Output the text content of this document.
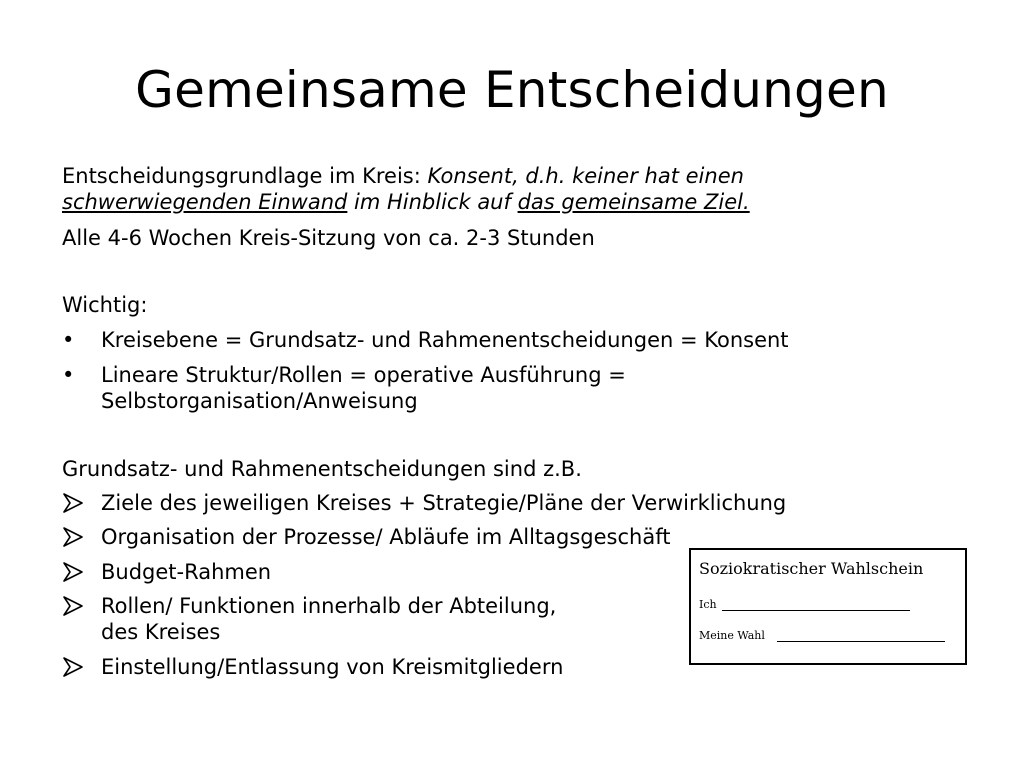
Gemeinsame Entscheidungen
Entscheidungsgrundlage im Kreis: Konsent, d.h. keiner hat einen
schwerwiegenden Einwand im Hinblick auf das gemeinsame Ziel.
Alle 4-6 Wochen Kreis-Sitzung von ca. 2-3 Stunden
Wichtig:
• Kreisebene = Grundsatz- und Rahmenentscheidungen = Konsent
• Lineare Struktur/Rollen = operative Ausführung =
Selbstorganisation/Anweisung
Grundsatz- und Rahmenentscheidungen sind z.B.
Ziele des jeweiligen Kreises + Strategie/Pläne der Verwirklichung
Organisation der Prozesse/ Abläufe im Alltagsgeschäft
Budget-Rahmen
Rollen/ Funktionen innerhalb der Abteilung,
des Kreises
Einstellung/Entlassung von Kreismitgliedern
Soziokratischer Wahlschein
Ich
Meine Wahl
